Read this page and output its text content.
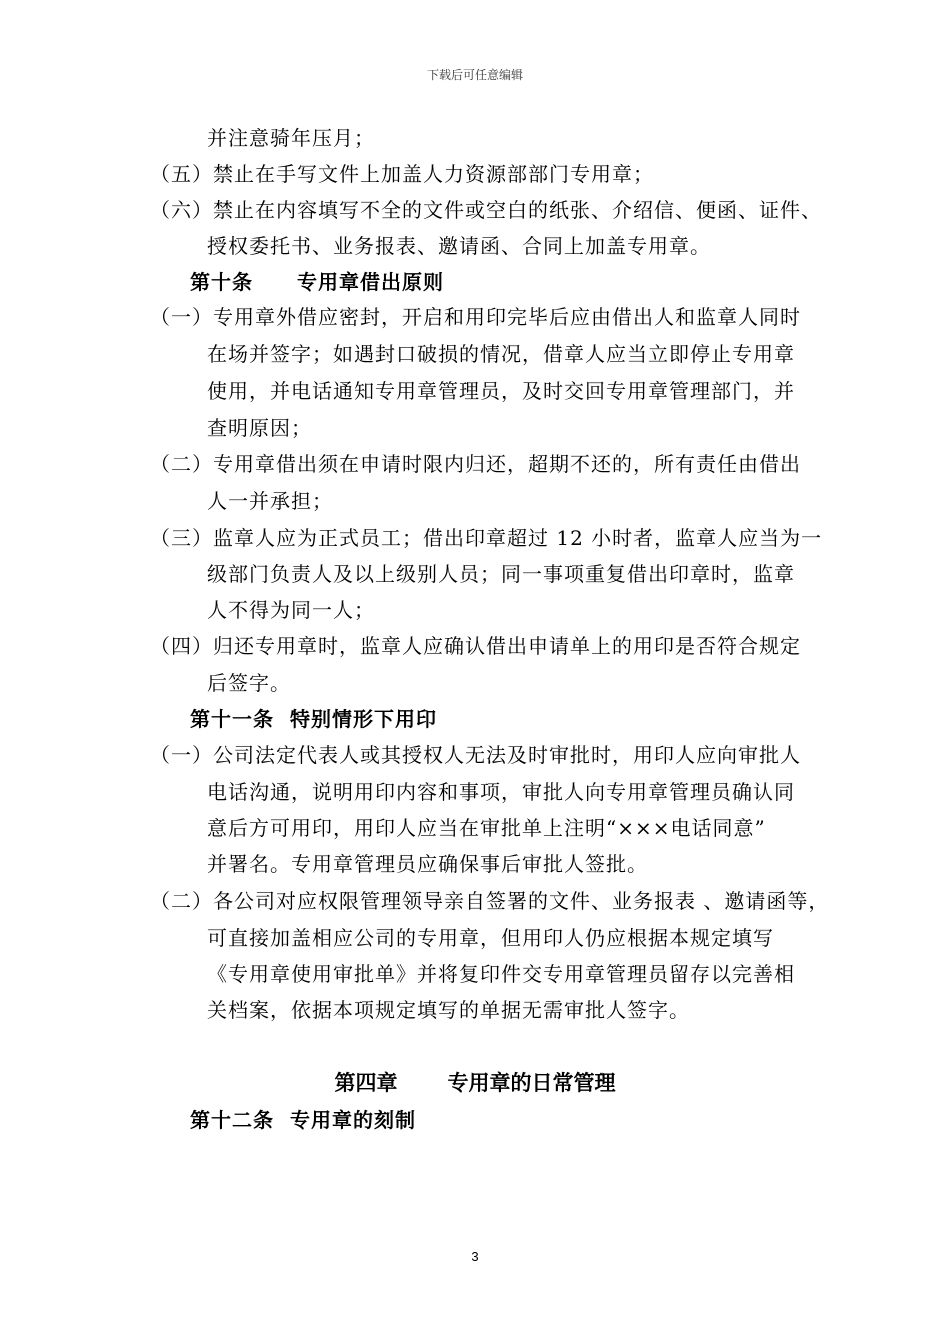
下载后可任意编辑
并注意骑年压月；
（五） 禁止在手写文件上加盖人力资源部部门专用章；
（六） 禁止在内容填写不全的文件或空白的纸张、介绍信、便函、证件、
授权委托书、业务报表、邀请函、合同上加盖专用章。
第十条 专用章借出原则
（一） 专用章外借应密封，开启和用印完毕后应由借出人和监章人同时
在场并签字；如遇封口破损的情况，借章人应当立即停止专用章
使用，并电话通知专用章管理员，及时交回专用章管理部门，并
查明原因；
（二） 专用章借出须在申请时限内归还，超期不还的，所有责任由借出
人一并承担；
（三） 监章人应为正式员工；借出印章超过 12 小时者，监章人应当为一
级部门负责人及以上级别人员；同一事项重复借出印章时，监章
人不得为同一人；
（四） 归还专用章时，监章人应确认借出申请单上的用印是否符合规定
后签字。
第十一条 特别情形下用印
（一） 公司法定代表人或其授权人无法及时审批时，用印人应向审批人
电话沟通，说明用印内容和事项，审批人向专用章管理员确认同
意后方可用印，用印人应当在审批单上注明“×××电话同意”
并署名。专用章管理员应确保事后审批人签批。
（二） 各公司对应权限管理领导亲自签署的文件、业务报表 、邀请函等，
可直接加盖相应公司的专用章，但用印人仍应根据本规定填写
《专用章使用审批单》并将复印件交专用章管理员留存以完善相
关档案，依据本项规定填写的单据无需审批人签字。
第四章 专用章的日常管理
第十二条 专用章的刻制
3
